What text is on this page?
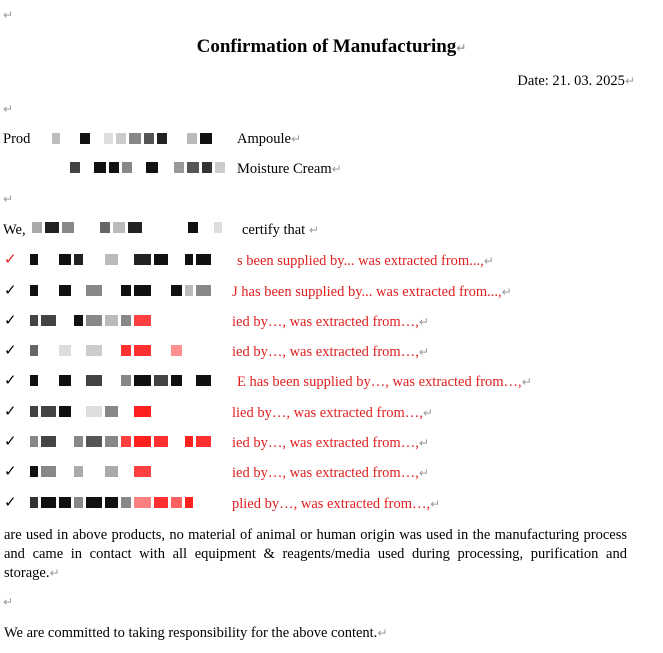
↵
Confirmation of Manufacturing↵
Date: 21. 03. 2025↵
↵
Prod	Ampoule↵
Moisture Cream↵
↵
We,	certify that ↵
✓	s been supplied by... was extracted from...,↵
✓	J has been supplied by... was extracted from...,↵
✓	ied by…, was extracted from…,↵
✓	ied by…, was extracted from…,↵
✓	E has been supplied by…, was extracted from…,↵
✓	lied by…, was extracted from…,↵
✓	ied by…, was extracted from…,↵
✓	ied by…, was extracted from…,↵
✓	plied by…, was extracted from…,↵
are used in above products, no material of animal or human origin was used in the manufacturing process and came in contact with all equipment & reagents/media used during processing, purification and storage.↵
↵
We are committed to taking responsibility for the above content.↵
